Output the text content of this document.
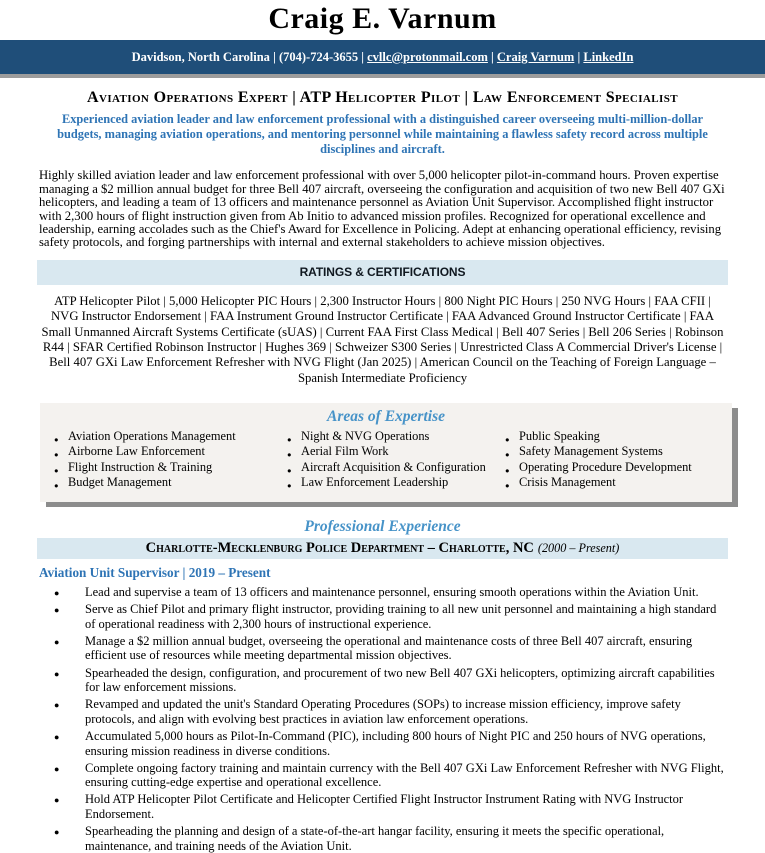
Craig E. Varnum
Davidson, North Carolina | (704)-724-3655 | cvllc@protonmail.com | Craig Varnum | LinkedIn
Aviation Operations Expert | ATP Helicopter Pilot | Law Enforcement Specialist
Experienced aviation leader and law enforcement professional with a distinguished career overseeing multi-million-dollar budgets, managing aviation operations, and mentoring personnel while maintaining a flawless safety record across multiple disciplines and aircraft.
Highly skilled aviation leader and law enforcement professional with over 5,000 helicopter pilot-in-command hours. Proven expertise managing a $2 million annual budget for three Bell 407 aircraft, overseeing the configuration and acquisition of two new Bell 407 GXi helicopters, and leading a team of 13 officers and maintenance personnel as Aviation Unit Supervisor. Accomplished flight instructor with 2,300 hours of flight instruction given from Ab Initio to advanced mission profiles. Recognized for operational excellence and leadership, earning accolades such as the Chief's Award for Excellence in Policing. Adept at enhancing operational efficiency, revising safety protocols, and forging partnerships with internal and external stakeholders to achieve mission objectives.
RATINGS & CERTIFICATIONS
ATP Helicopter Pilot | 5,000 Helicopter PIC Hours | 2,300 Instructor Hours | 800 Night PIC Hours | 250 NVG Hours | FAA CFII | NVG Instructor Endorsement | FAA Instrument Ground Instructor Certificate | FAA Advanced Ground Instructor Certificate | FAA Small Unmanned Aircraft Systems Certificate (sUAS) | Current FAA First Class Medical | Bell 407 Series | Bell 206 Series | Robinson R44 | SFAR Certified Robinson Instructor | Hughes 369 | Schweizer S300 Series | Unrestricted Class A Commercial Driver's License | Bell 407 GXi Law Enforcement Refresher with NVG Flight (Jan 2025) | American Council on the Teaching of Foreign Language – Spanish Intermediate Proficiency
Areas of Expertise
● Aviation Operations Management
● Airborne Law Enforcement
● Flight Instruction & Training
● Budget Management
● Night & NVG Operations
● Aerial Film Work
● Aircraft Acquisition & Configuration
● Law Enforcement Leadership
● Public Speaking
● Safety Management Systems
● Operating Procedure Development
● Crisis Management
Professional Experience
Charlotte-Mecklenburg Police Department – Charlotte, NC (2000 – Present)
Aviation Unit Supervisor | 2019 – Present
● Lead and supervise a team of 13 officers and maintenance personnel, ensuring smooth operations within the Aviation Unit.
● Serve as Chief Pilot and primary flight instructor, providing training to all new unit personnel and maintaining a high standard of operational readiness with 2,300 hours of instructional experience.
● Manage a $2 million annual budget, overseeing the operational and maintenance costs of three Bell 407 aircraft, ensuring efficient use of resources while meeting departmental mission objectives.
● Spearheaded the design, configuration, and procurement of two new Bell 407 GXi helicopters, optimizing aircraft capabilities for law enforcement missions.
● Revamped and updated the unit's Standard Operating Procedures (SOPs) to increase mission efficiency, improve safety protocols, and align with evolving best practices in aviation law enforcement operations.
● Accumulated 5,000 hours as Pilot-In-Command (PIC), including 800 hours of Night PIC and 250 hours of NVG operations, ensuring mission readiness in diverse conditions.
● Complete ongoing factory training and maintain currency with the Bell 407 GXi Law Enforcement Refresher with NVG Flight, ensuring cutting-edge expertise and operational excellence.
● Hold ATP Helicopter Pilot Certificate and Helicopter Certified Flight Instructor Instrument Rating with NVG Instructor Endorsement.
● Spearheading the planning and design of a state-of-the-art hangar facility, ensuring it meets the specific operational, maintenance, and training needs of the Aviation Unit.
